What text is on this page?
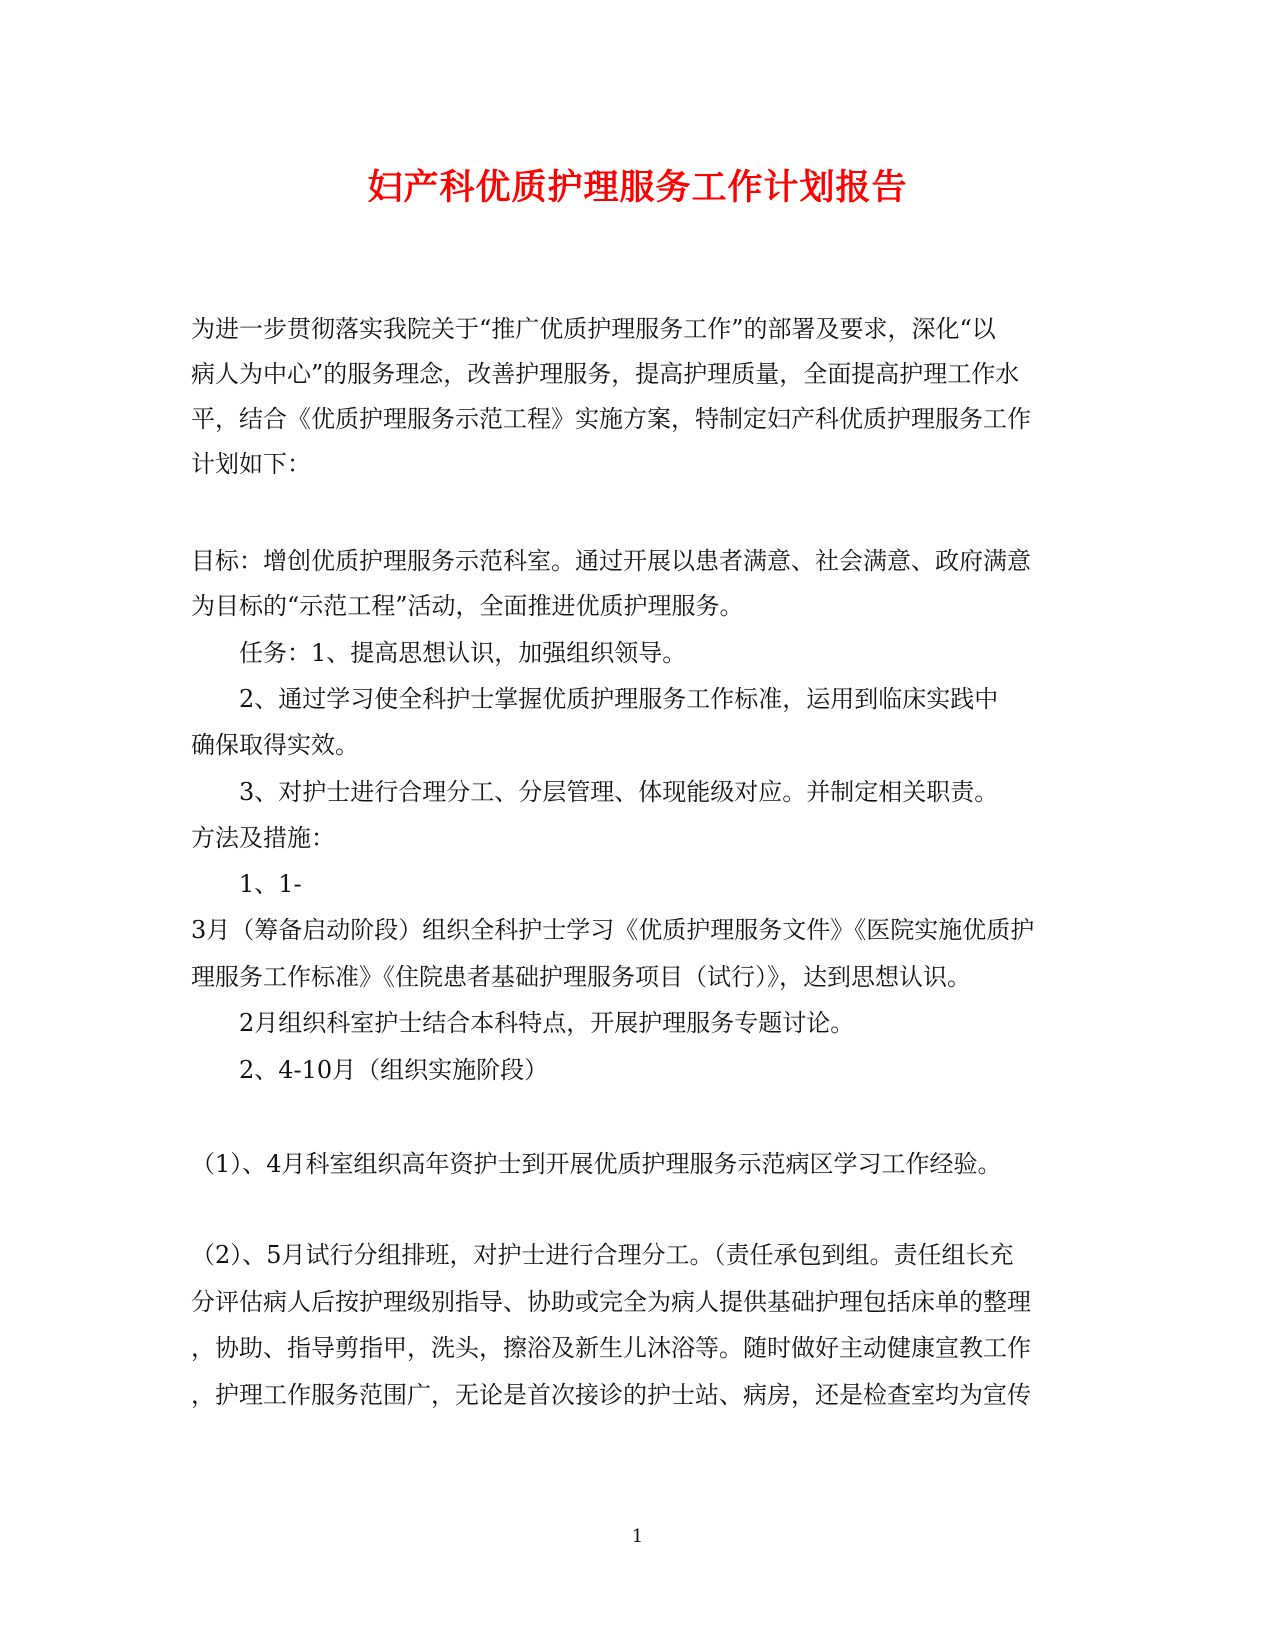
妇产科优质护理服务工作计划报告

为进一步贯彻落实我院关于“推广优质护理服务工作”的部署及要求，深化“以

病人为中心”的服务理念，改善护理服务，提高护理质量，全面提高护理工作水

平，结合《优质护理服务示范工程》实施方案，特制定妇产科优质护理服务工作

计划如下：

目标：增创优质护理服务示范科室。通过开展以患者满意、社会满意、政府满意

为目标的“示范工程”活动，全面推进优质护理服务。

任务：1、提高思想认识，加强组织领导。

2、通过学习使全科护士掌握优质护理服务工作标准，运用到临床实践中

确保取得实效。

3、对护士进行合理分工、分层管理、体现能级对应。并制定相关职责。

方法及措施：

1、1-

3月（筹备启动阶段）组织全科护士学习《优质护理服务文件》《医院实施优质护

理服务工作标准》《住院患者基础护理服务项目（试行）》，达到思想认识。

2月组织科室护士结合本科特点，开展护理服务专题讨论。

2、4-10月（组织实施阶段）

（1）、4月科室组织高年资护士到开展优质护理服务示范病区学习工作经验。

（2）、5月试行分组排班，对护士进行合理分工。（责任承包到组。责任组长充

分评估病人后按护理级别指导、协助或完全为病人提供基础护理包括床单的整理

，协助、指导剪指甲，洗头，擦浴及新生儿沐浴等。随时做好主动健康宣教工作

，护理工作服务范围广，无论是首次接诊的护士站、病房，还是检查室均为宣传

1
